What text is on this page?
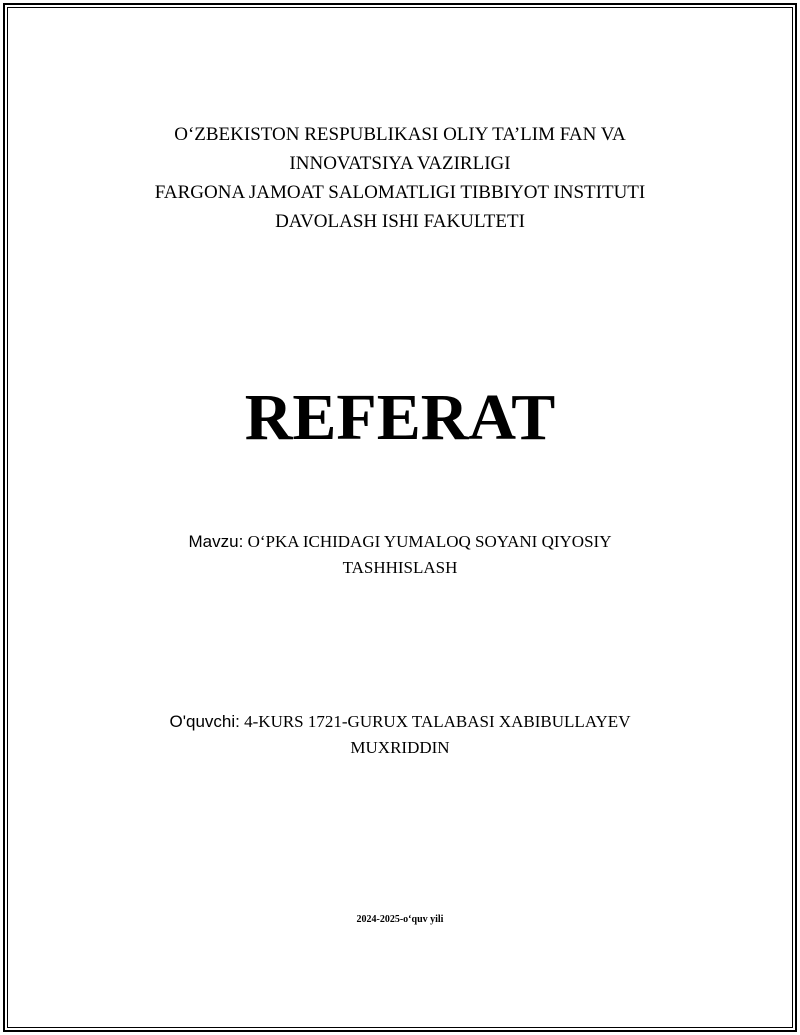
O‘ZBEKISTON RESPUBLIKASI OLIY TA’LIM FAN VA
INNOVATSIYA VAZIRLIGI
FARGONA JAMOAT SALOMATLIGI TIBBIYOT INSTITUTI
DAVOLASH ISHI FAKULTETI
REFERAT
Mavzu: O‘PKA ICHIDAGI YUMALOQ SOYANI QIYOSIY
TASHHISLASH
O'quvchi: 4-KURS 1721-GURUX TALABASI XABIBULLAYEV
MUXRIDDIN
2024-2025-o‘quv yili
